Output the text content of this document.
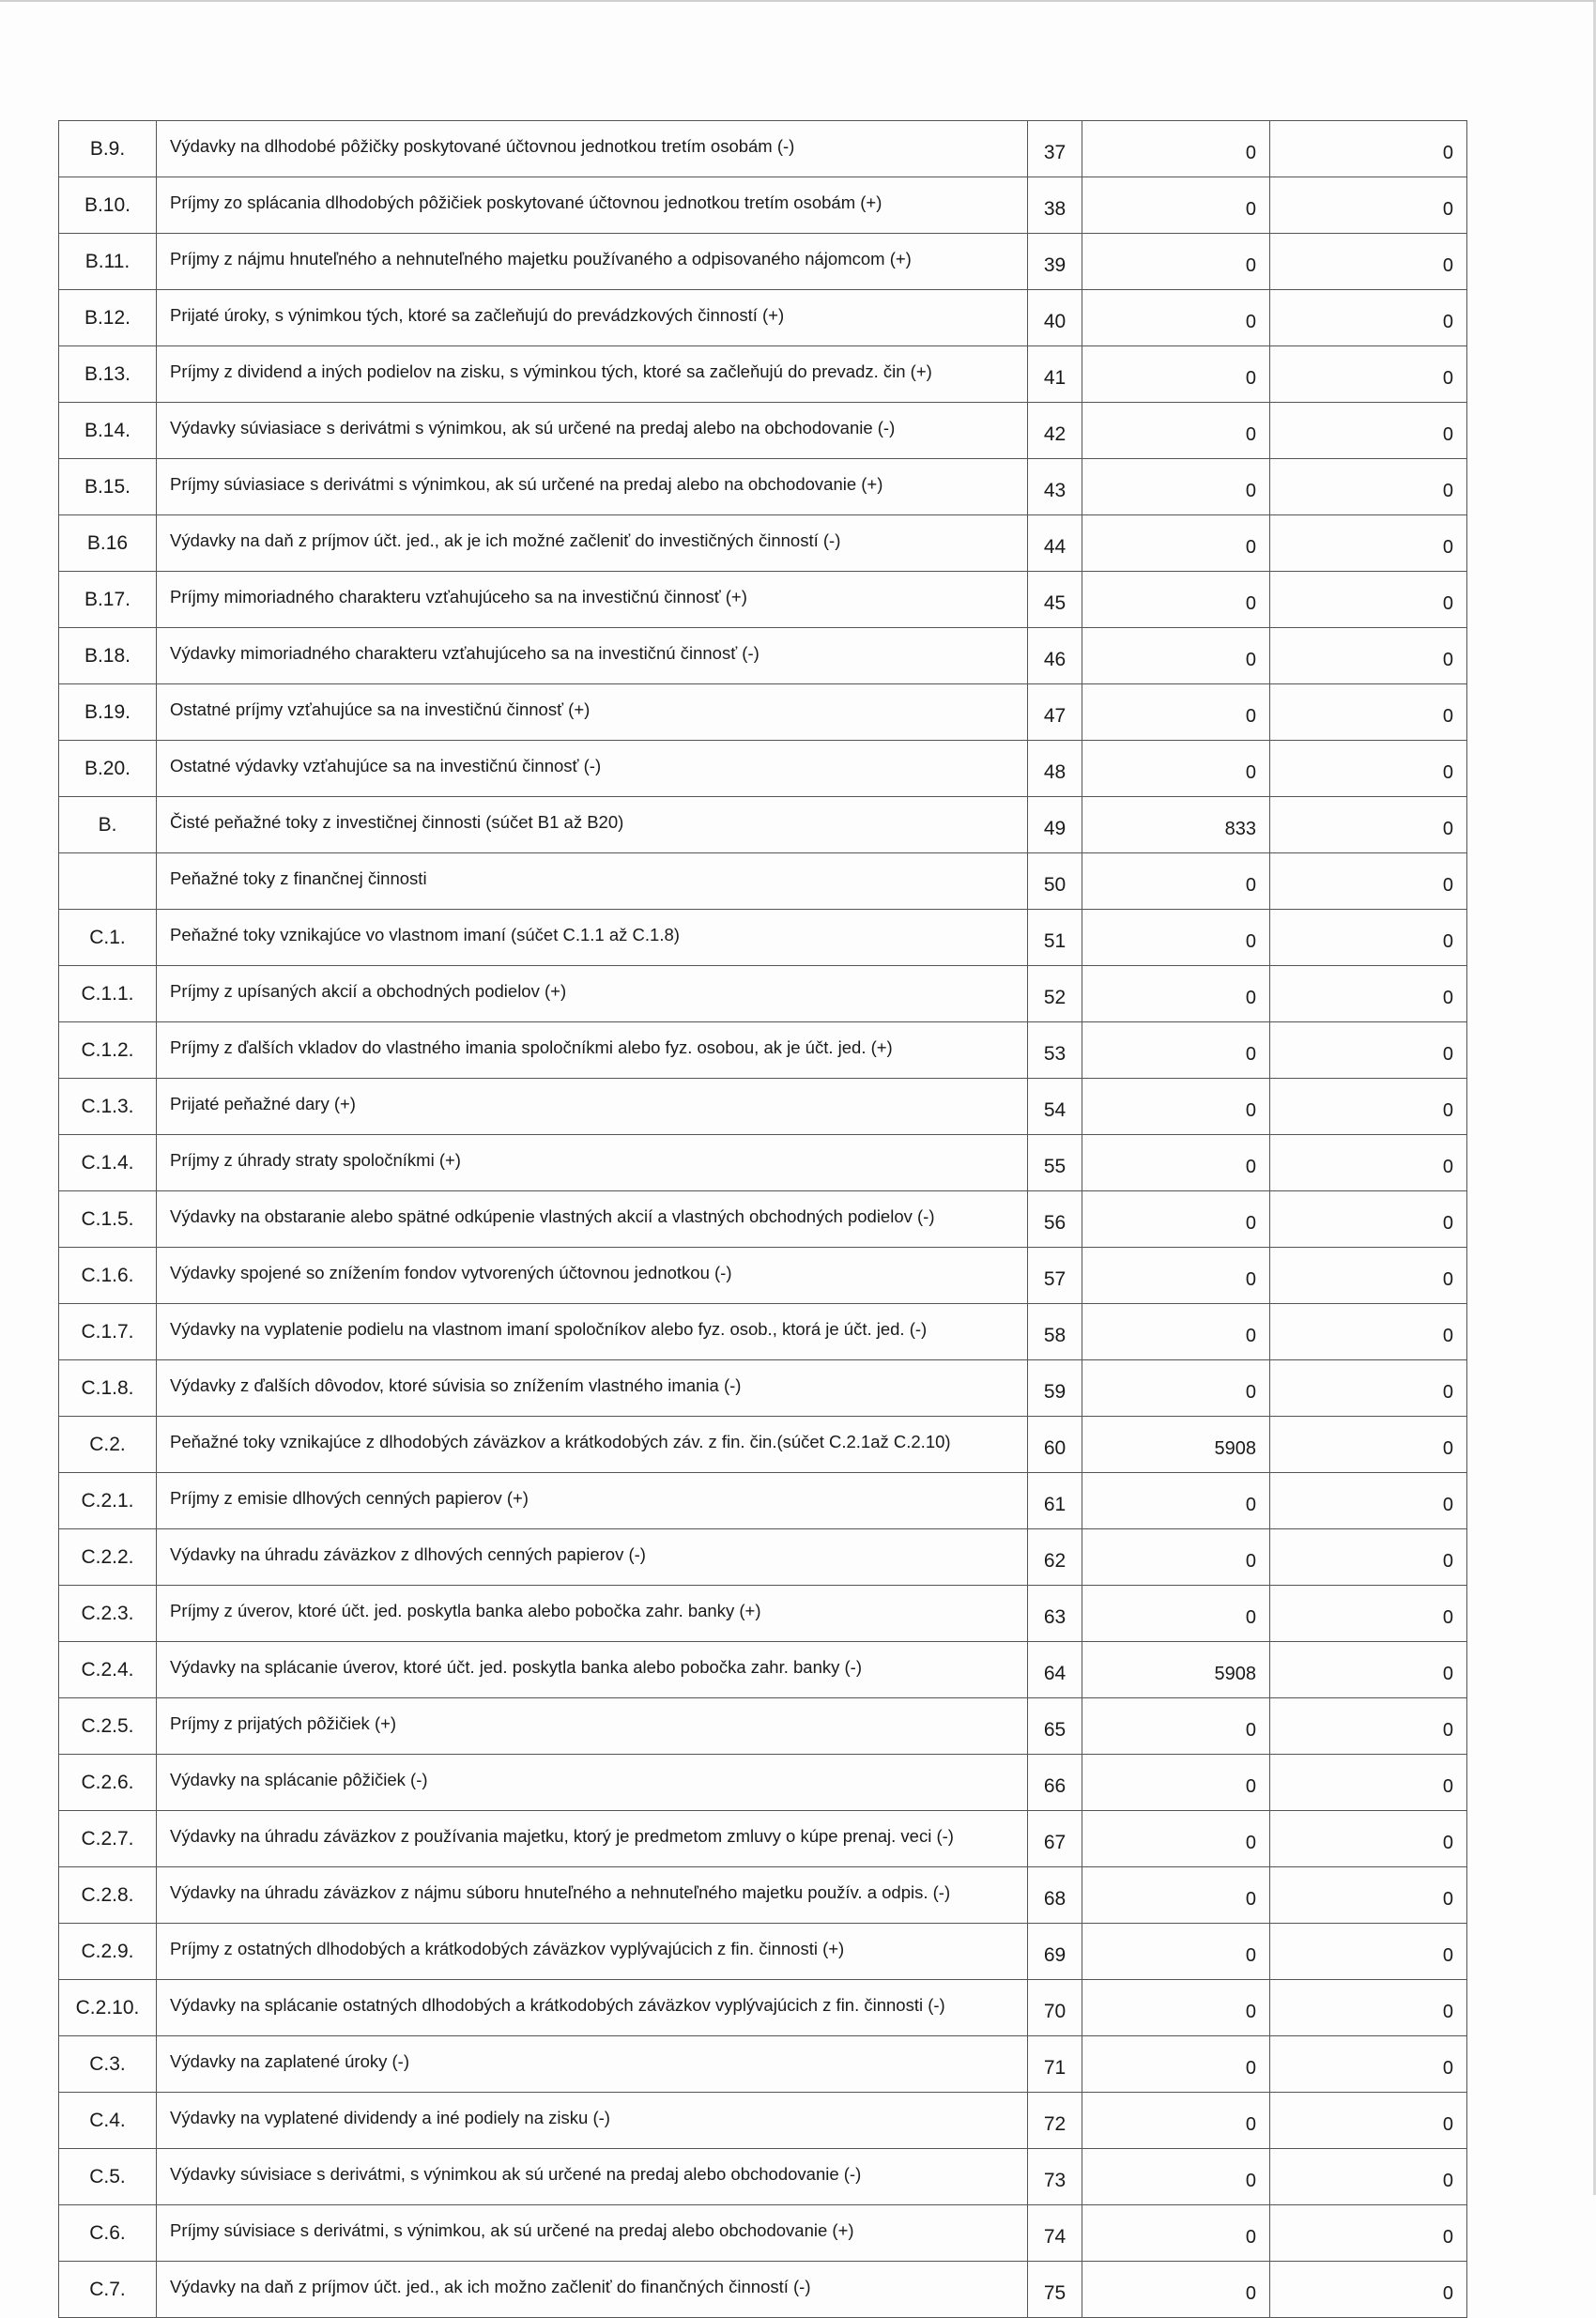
B.9.	Výdavky na dlhodobé pôžičky poskytované účtovnou jednotkou tretím osobám (-)	37	0	0
B.10.	Príjmy zo splácania dlhodobých pôžičiek poskytované účtovnou jednotkou tretím osobám (+)	38	0	0
B.11.	Príjmy z nájmu hnuteľného a nehnuteľného majetku používaného a odpisovaného nájomcom (+)	39	0	0
B.12.	Prijaté úroky, s výnimkou tých, ktoré sa začleňujú do prevádzkových činností (+)	40	0	0
B.13.	Príjmy z dividend a iných podielov na zisku, s výminkou tých, ktoré sa začleňujú do prevadz. čin (+)	41	0	0
B.14.	Výdavky súviasiace s derivátmi s výnimkou, ak sú určené na predaj alebo na obchodovanie (-)	42	0	0
B.15.	Príjmy súviasiace s derivátmi s výnimkou, ak sú určené na predaj alebo na obchodovanie (+)	43	0	0
B.16	Výdavky na daň z príjmov účt. jed., ak je ich možné začleniť do investičných činností (-)	44	0	0
B.17.	Príjmy mimoriadného charakteru vzťahujúceho sa na investičnú činnosť (+)	45	0	0
B.18.	Výdavky mimoriadného charakteru vzťahujúceho sa na investičnú činnosť (-)	46	0	0
B.19.	Ostatné príjmy vzťahujúce sa na investičnú činnosť (+)	47	0	0
B.20.	Ostatné výdavky vzťahujúce sa na investičnú činnosť (-)	48	0	0
B.	Čisté peňažné toky z investičnej činnosti (súčet B1 až B20)	49	833	0
	Peňažné toky z finančnej činnosti	50	0	0
C.1.	Peňažné toky vznikajúce vo vlastnom imaní (súčet C.1.1 až C.1.8)	51	0	0
C.1.1.	Príjmy z upísaných akcií a obchodných podielov (+)	52	0	0
C.1.2.	Príjmy z ďalších vkladov do vlastného imania spoločníkmi alebo fyz. osobou, ak je účt. jed. (+)	53	0	0
C.1.3.	Prijaté peňažné dary (+)	54	0	0
C.1.4.	Príjmy z úhrady straty spoločníkmi (+)	55	0	0
C.1.5.	Výdavky na obstaranie alebo spätné odkúpenie vlastných akcií a vlastných obchodných podielov (-)	56	0	0
C.1.6.	Výdavky spojené so znížením fondov vytvorených účtovnou jednotkou (-)	57	0	0
C.1.7.	Výdavky na vyplatenie podielu na vlastnom imaní spoločníkov alebo fyz. osob., ktorá je účt. jed. (-)	58	0	0
C.1.8.	Výdavky z ďalších dôvodov, ktoré súvisia so znížením vlastného imania (-)	59	0	0
C.2.	Peňažné toky vznikajúce z dlhodobých záväzkov a krátkodobých záv. z fin. čin.(súčet C.2.1až C.2.10)	60	5908	0
C.2.1.	Príjmy z emisie dlhových cenných papierov (+)	61	0	0
C.2.2.	Výdavky na úhradu záväzkov z dlhových cenných papierov (-)	62	0	0
C.2.3.	Príjmy z úverov, ktoré účt. jed. poskytla banka alebo pobočka zahr. banky (+)	63	0	0
C.2.4.	Výdavky na splácanie úverov, ktoré účt. jed. poskytla banka alebo pobočka zahr. banky (-)	64	5908	0
C.2.5.	Príjmy z prijatých pôžičiek (+)	65	0	0
C.2.6.	Výdavky na splácanie pôžičiek (-)	66	0	0
C.2.7.	Výdavky na úhradu záväzkov z používania majetku, ktorý je predmetom zmluvy o kúpe prenaj. veci (-)	67	0	0
C.2.8.	Výdavky na úhradu záväzkov z nájmu súboru hnuteľného a nehnuteľného majetku použív. a odpis. (-)	68	0	0
C.2.9.	Príjmy z ostatných dlhodobých a krátkodobých záväzkov vyplývajúcich z fin. činnosti (+)	69	0	0
C.2.10.	Výdavky na splácanie ostatných dlhodobých a krátkodobých záväzkov vyplývajúcich z fin. činnosti (-)	70	0	0
C.3.	Výdavky na zaplatené úroky (-)	71	0	0
C.4.	Výdavky na vyplatené dividendy a iné podiely na zisku (-)	72	0	0
C.5.	Výdavky súvisiace s derivátmi, s výnimkou ak sú určené na predaj alebo obchodovanie (-)	73	0	0
C.6.	Príjmy súvisiace s derivátmi, s výnimkou, ak sú určené na predaj alebo obchodovanie (+)	74	0	0
C.7.	Výdavky na daň z príjmov účt. jed., ak ich možno začleniť do finančných činností (-)	75	0	0
